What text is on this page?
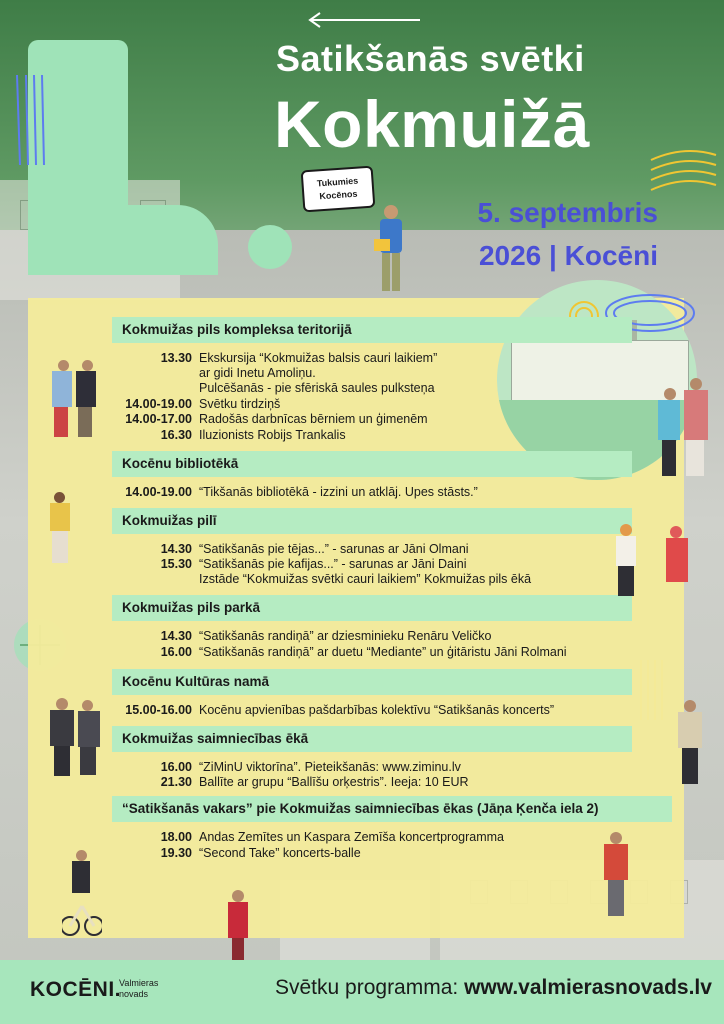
Tukumies
Kocēnos
Satikšanās svētki
Kokmuižā
5. septembris
2026 | Kocēni
Kokmuižas pils kompleksa teritorijā
13.30 Ekskursija “Kokmuižas balsis cauri laikiem”
ar gidi Inetu Amoliņu.
Pulcēšanās - pie sfēriskā saules pulksteņa
14.00-19.00 Svētku tirdziņš
14.00-17.00 Radošās darbnīcas bērniem un ģimenēm
16.30 Iluzionists Robijs Trankalis
Kocēnu bibliotēkā
14.00-19.00 “Tikšanās bibliotēkā - izzini un atklāj. Upes stāsts.”
Kokmuižas pilī
14.30 “Satikšanās pie tējas...” - sarunas ar Jāni Olmani
15.30 “Satikšanās pie kafijas...” - sarunas ar Jāni Daini
Izstāde “Kokmuižas svētki cauri laikiem” Kokmuižas pils ēkā
Kokmuižas pils parkā
14.30 “Satikšanās randiņā” ar dziesminieku Renāru Veličko
16.00 “Satikšanās randiņā” ar duetu “Mediante” un ģitāristu Jāni Rolmani
Kocēnu Kultūras namā
15.00-16.00 Kocēnu apvienības pašdarbības kolektīvu “Satikšanās koncerts”
Kokmuižas saimniecības ēkā
16.00 “ZiMinU viktorīna”. Pieteikšanās: www.ziminu.lv
21.30 Ballīte ar grupu “Ballīšu orķestris”. Ieeja: 10 EUR
“Satikšanās vakars” pie Kokmuižas saimniecības ēkas (Jāņa Ķenča iela 2)
18.00 Andas Zemītes un Kaspara Zemīša koncertprogramma
19.30 “Second Take” koncerts-balle
KOCĒNI.
Valmieras
novads	Svētku programma: www.valmierasnovads.lv
